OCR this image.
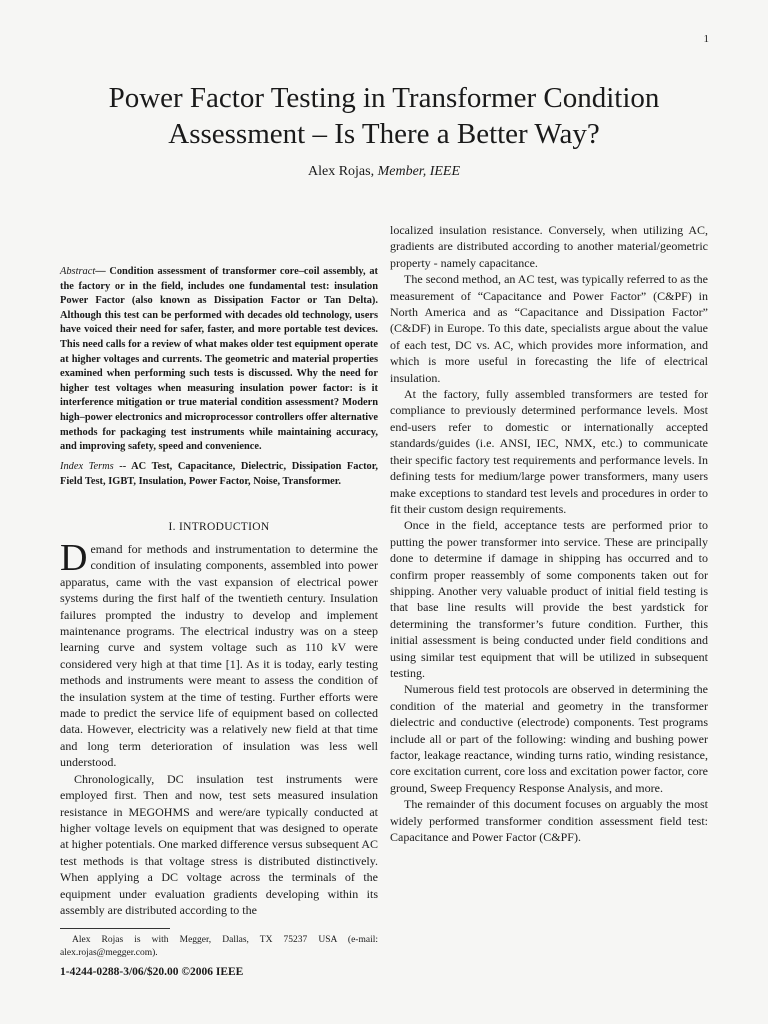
1
Power Factor Testing in Transformer Condition
Assessment – Is There a Better Way?
Alex Rojas, Member, IEEE
Abstract— Condition assessment of transformer core–coil assembly, at the factory or in the field, includes one fundamental test: insulation Power Factor (also known as Dissipation Factor or Tan Delta). Although this test can be performed with decades old technology, users have voiced their need for safer, faster, and more portable test devices. This need calls for a review of what makes older test equipment operate at higher voltages and currents. The geometric and material properties examined when performing such tests is discussed. Why the need for higher test voltages when measuring insulation power factor: is it interference mitigation or true material condition assessment? Modern high–power electronics and microprocessor controllers offer alternative methods for packaging test instruments while maintaining accuracy, and improving safety, speed and convenience.
Index Terms -- AC Test, Capacitance, Dielectric, Dissipation Factor, Field Test, IGBT, Insulation, Power Factor, Noise, Transformer.
I. INTRODUCTION

Demand for methods and instrumentation to determine the condition of insulating components, assembled into power apparatus, came with the vast expansion of electrical power systems during the first half of the twentieth century. Insulation failures prompted the industry to develop and implement maintenance programs. The electrical industry was on a steep learning curve and system voltage such as 110 kV were considered very high at that time [1]. As it is today, early testing methods and instruments were meant to assess the condition of the insulation system at the time of testing. Further efforts were made to predict the service life of equipment based on collected data. However, electricity was a relatively new field at that time and long term deterioration of insulation was less well understood.

Chronologically, DC insulation test instruments were employed first. Then and now, test sets measured insulation resistance in MEGOHMS and were/are typically conducted at higher voltage levels on equipment that was designed to operate at higher potentials. One marked difference versus subsequent AC test methods is that voltage stress is distributed distinctively. When applying a DC voltage across the terminals of the equipment under evaluation gradients developing within its assembly are distributed according to the

localized insulation resistance. Conversely, when utilizing AC, gradients are distributed according to another material/geometric property - namely capacitance.

The second method, an AC test, was typically referred to as the measurement of “Capacitance and Power Factor” (C&PF) in North America and as “Capacitance and Dissipation Factor” (C&DF) in Europe. To this date, specialists argue about the value of each test, DC vs. AC, which provides more information, and which is more useful in forecasting the life of electrical insulation.

At the factory, fully assembled transformers are tested for compliance to previously determined performance levels. Most end-users refer to domestic or internationally accepted standards/guides (i.e. ANSI, IEC, NMX, etc.) to communicate their specific factory test requirements and performance levels. In defining tests for medium/large power transformers, many users make exceptions to standard test levels and procedures in order to fit their custom design requirements.

Once in the field, acceptance tests are performed prior to putting the power transformer into service. These are principally done to determine if damage in shipping has occurred and to confirm proper reassembly of some components taken out for shipping. Another very valuable product of initial field testing is that base line results will provide the best yardstick for determining the transformer’s future condition. Further, this initial assessment is being conducted under field conditions and using similar test equipment that will be utilized in subsequent testing.

Numerous field test protocols are observed in determining the condition of the material and geometry in the transformer dielectric and conductive (electrode) components. Test programs include all or part of the following: winding and bushing power factor, leakage reactance, winding turns ratio, winding resistance, core excitation current, core loss and excitation power factor, core ground, Sweep Frequency Response Analysis, and more.

The remainder of this document focuses on arguably the most widely performed transformer condition assessment field test: Capacitance and Power Factor (C&PF).

Alex Rojas is with Megger, Dallas, TX 75237 USA (e-mail: alex.rojas@megger.com).
1-4244-0288-3/06/$20.00 ©2006 IEEE
